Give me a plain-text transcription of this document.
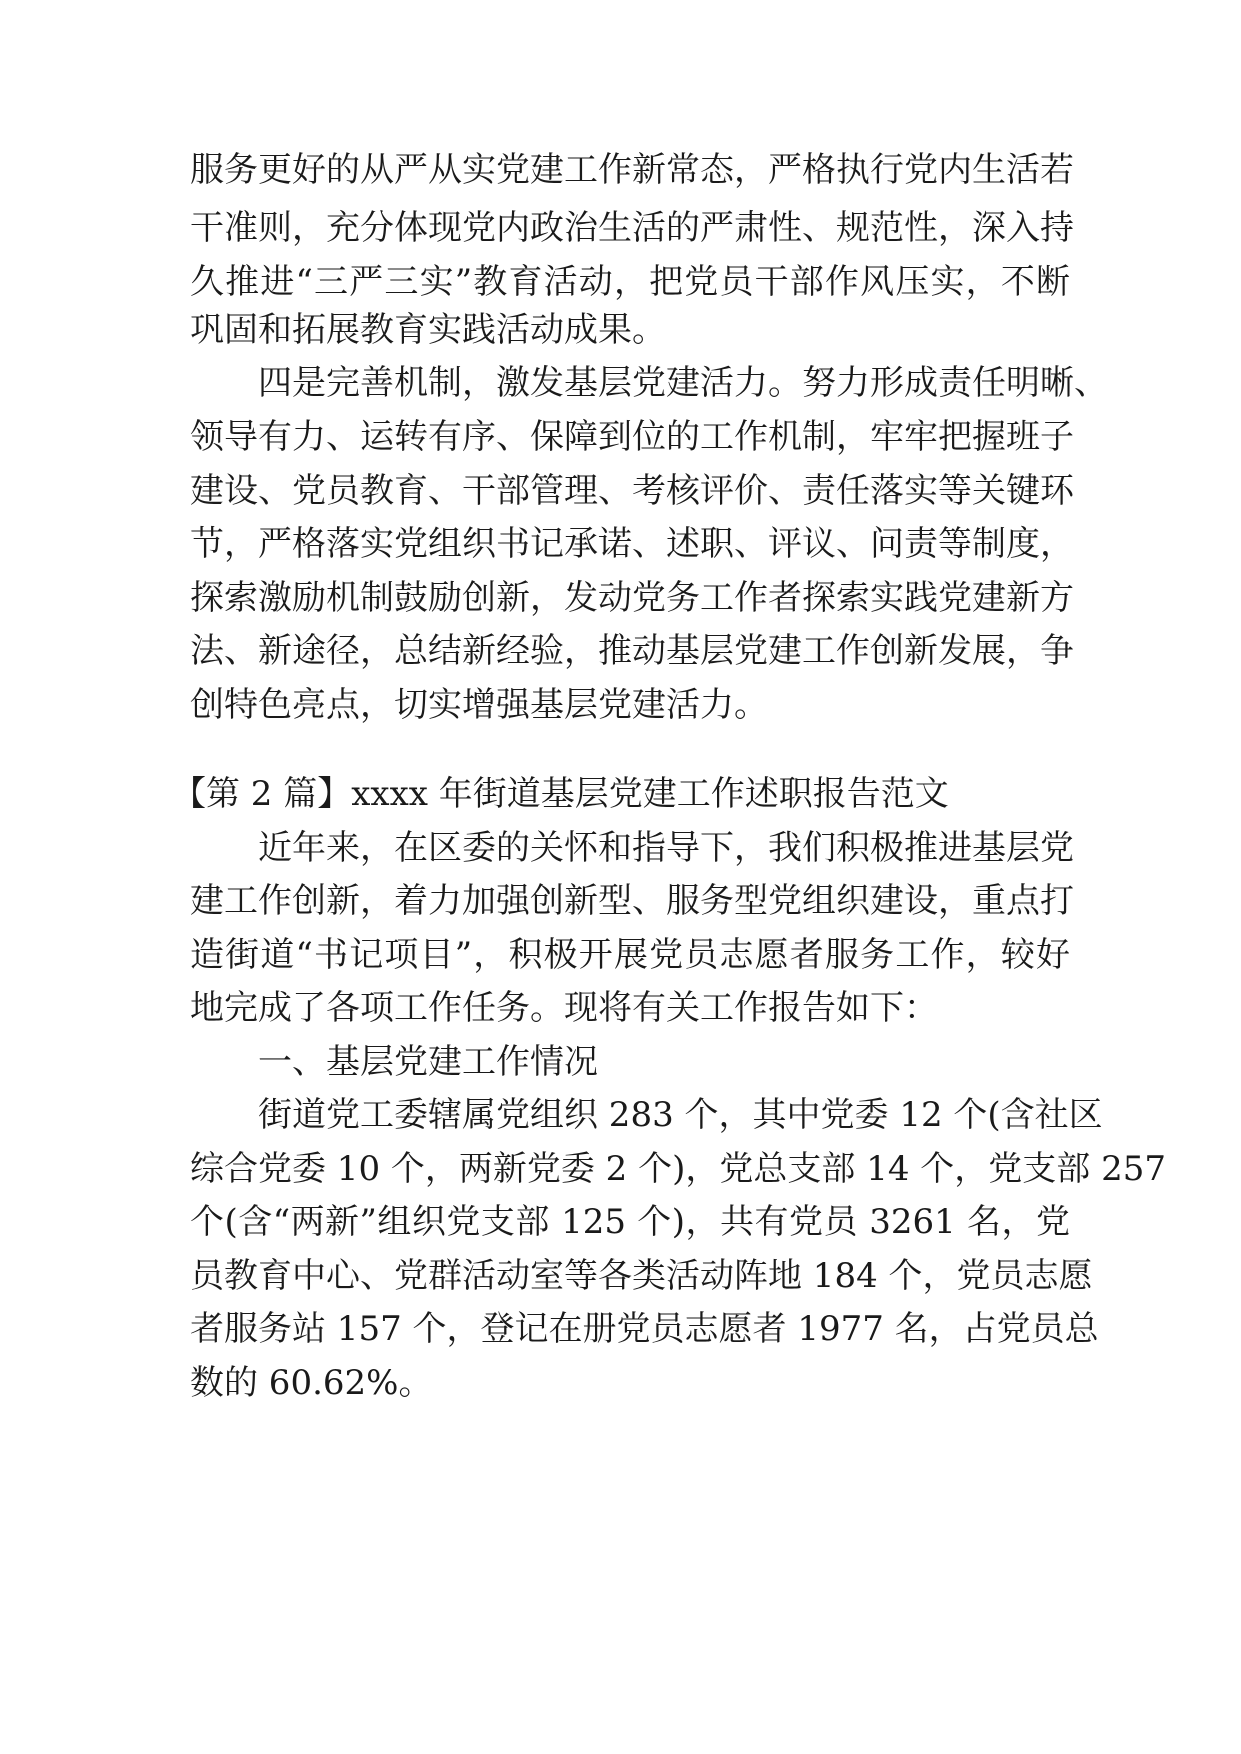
服务更好的从严从实党建工作新常态，严格执行党内生活若
干准则，充分体现党内政治生活的严肃性、规范性，深入持
久推进“三严三实”教育活动，把党员干部作风压实，不断
巩固和拓展教育实践活动成果。
四是完善机制，激发基层党建活力。努力形成责任明晰、
领导有力、运转有序、保障到位的工作机制，牢牢把握班子
建设、党员教育、干部管理、考核评价、责任落实等关键环
节，严格落实党组织书记承诺、述职、评议、问责等制度，
探索激励机制鼓励创新，发动党务工作者探索实践党建新方
法、新途径，总结新经验，推动基层党建工作创新发展，争
创特色亮点，切实增强基层党建活力。
【第 2 篇】xxxx 年街道基层党建工作述职报告范文
近年来，在区委的关怀和指导下，我们积极推进基层党
建工作创新，着力加强创新型、服务型党组织建设，重点打
造街道“书记项目”，积极开展党员志愿者服务工作，较好
地完成了各项工作任务。现将有关工作报告如下：
一、基层党建工作情况
街道党工委辖属党组织 283 个，其中党委 12 个(含社区
综合党委 10 个，两新党委 2 个)，党总支部 14 个，党支部 257
个(含“两新”组织党支部 125 个)，共有党员 3261 名，党
员教育中心、党群活动室等各类活动阵地 184 个，党员志愿
者服务站 157 个，登记在册党员志愿者 1977 名，占党员总
数的 60.62%。
